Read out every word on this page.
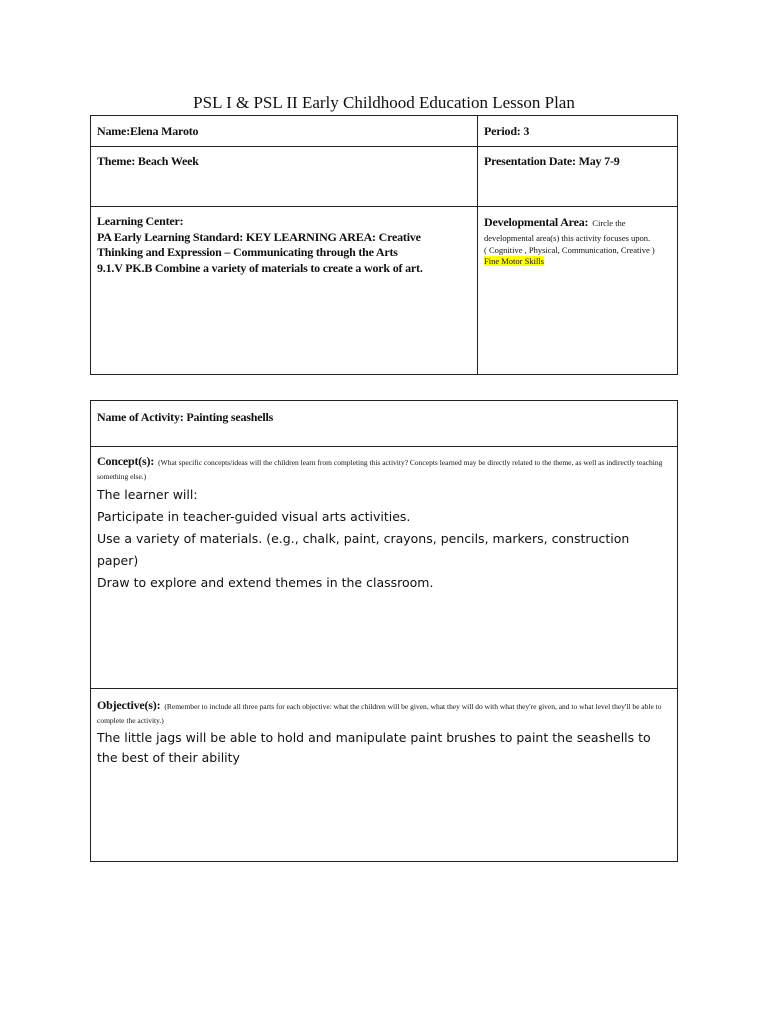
PSL I & PSL II Early Childhood Education Lesson Plan
Name:Elena Maroto	Period: 3
Theme: Beach Week	Presentation Date: May 7-9
Learning Center:
PA Early Learning Standard: KEY LEARNING AREA: Creative Thinking and Expression – Communicating through the Arts
9.1.V PK.B Combine a variety of materials to create a work of art.
Developmental Area: Circle the developmental area(s) this activity focuses upon.
( Cognitive , Physical, Communication, Creative ) Fine Motor Skills
Name of Activity: Painting seashells
Concept(s): (What specific concepts/ideas will the children learn from completing this activity? Concepts learned may be directly related to the theme, as well as indirectly teaching something else.)

The learner will:

Participate in teacher-guided visual arts activities.

Use a variety of materials. (e.g., chalk, paint, crayons, pencils, markers, construction paper)

Draw to explore and extend themes in the classroom.

Objective(s): (Remember to include all three parts for each objective: what the children will be given, what they will do with what they're given, and to what level they'll be able to complete the activity.)

The little jags will be able to hold and manipulate paint brushes to paint the seashells to the best of their ability
